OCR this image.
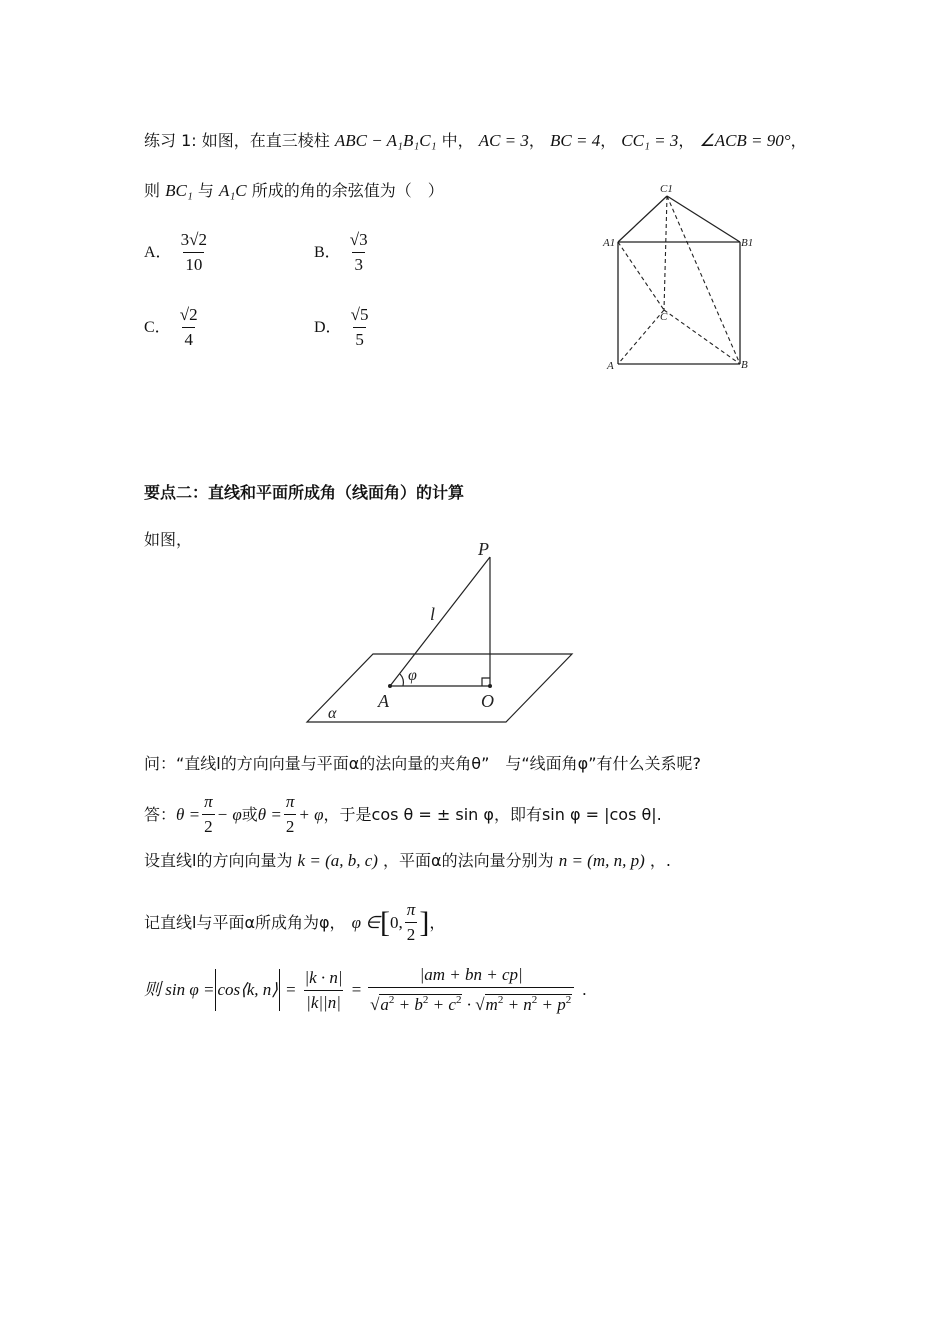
练习 1: 如图，在直三棱柱 ABC − A₁B₁C₁ 中， AC = 3， BC = 4， CC₁ = 3， ∠ACB = 90°，
则 BC₁ 与 A₁C 所成的角的余弦值为（　）
A． $\frac{3√2}{10}$	B． $\frac{√3}{3}$
C． $\frac{√2}{4}$	D． $\frac{√5}{5}$
C1
A1	B1
C
A	B
要点二：直线和平面所成角（线面角）的计算
如图，	P
l
φ
A	O
α
问：“直线l的方向向量与平面α的法向量的夹角θ”　与“线面角φ”有什么关系呢?
答： $\theta = \frac{\pi}{2} - \varphi$ 或 $\theta = \frac{\pi}{2} + \varphi$ ，于是cos θ = ± sin φ，即有sin φ = |cos θ|.
设直线l的方向向量为 k = (a, b, c) ，平面α的法向量分别为 n = (m, n, p) ，.
记直线l与平面α所成角为φ， φ ∈ [ 0, $\frac{\pi}{2}$ ] ，
则 sin φ = cos⟨k, n⟩ = $\frac{|k \cdot n|}{|k||n|} = \frac{|am + bn + cp|}{√a^2 + b^2 + c^2 \cdot √m^2 + n^2 + p^2}$ .
